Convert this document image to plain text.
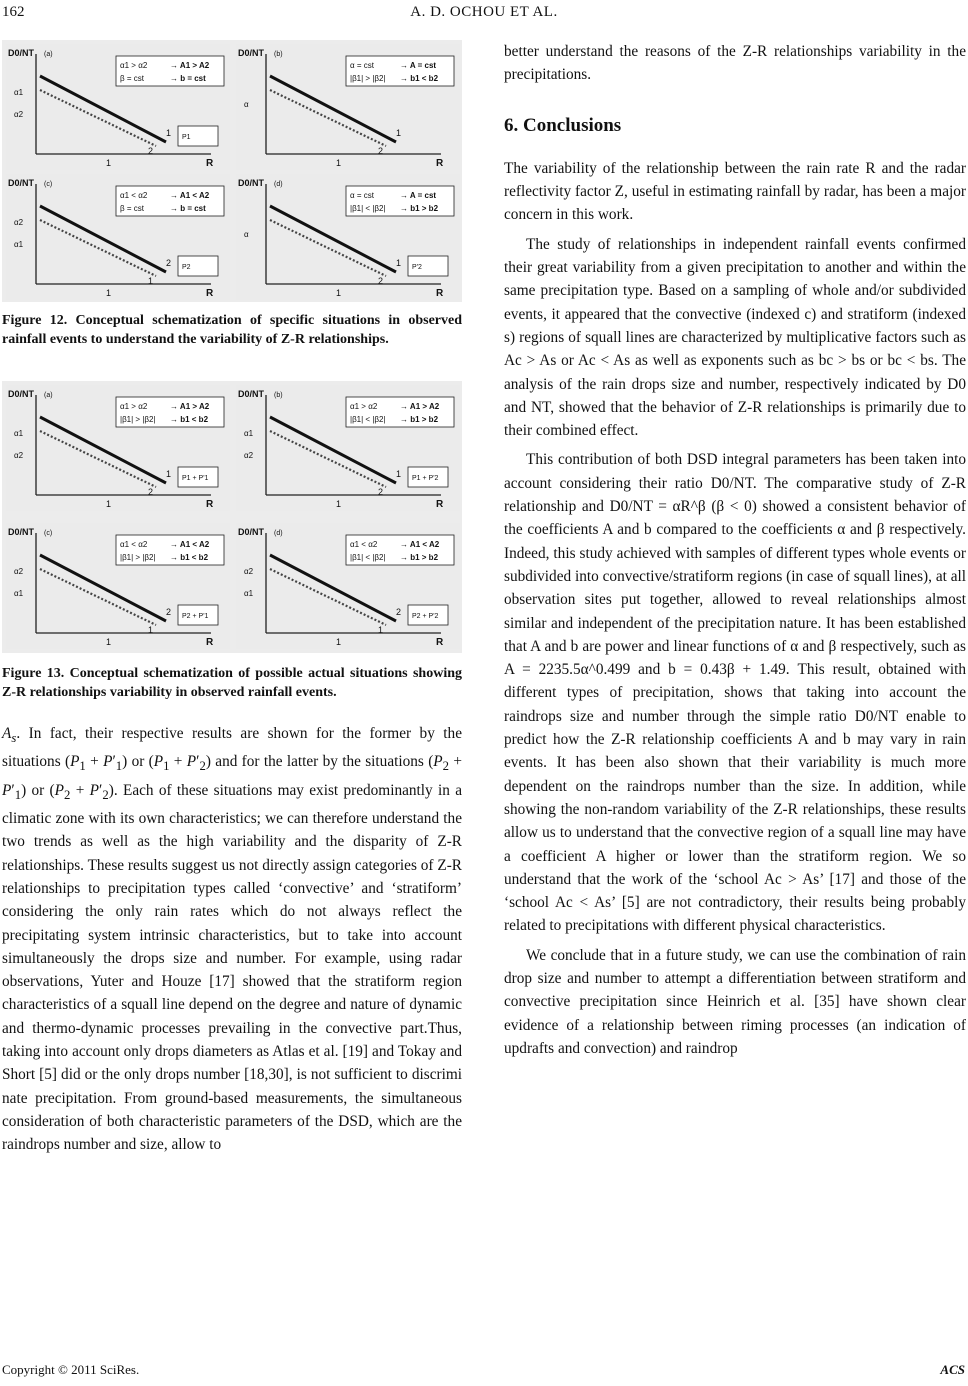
162	A. D. OCHOU ET AL.
D0/NT
R
(a)
1
α1
α2
1
2
α1 > α2	→ A1 > A2
β = cst	→ b = cst
P1
D0/NT
R
(b)
1
α
1
2
α = cst	→ A = cst
|β1| > |β2| → b1 < b2
D0/NT
R
(c)
1
α2
α1
2
1
α1 < α2	→ A1 < A2
β = cst	→ b = cst
P2
D0/NT
R
(d)
1
α
1
2
α = cst	→ A = cst
|β1| < |β2| → b1 > b2
P'2

Figure 12. Conceptual schematization of specific situations in observed rainfall events to understand the variability of Z-R relationships.

D0/NT
R
(a)
1
α1
α2
1
2
α1 > α2	→ A1 > A2
|β1| > |β2| → b1 < b2
P1 + P'1
D0/NT
R
(b)
1
α1
α2
1
2
α1 > α2	→ A1 > A2
|β1| < |β2| → b1 > b2
P1 + P'2
D0/NT
R
(c)
1
α2
α1
2
1
α1 < α2	→ A1 < A2
|β1| > |β2| → b1 < b2
P2 + P'1
D0/NT
R
(d)
1
α2
α1
2
1
α1 < α2	→ A1 < A2
|β1| < |β2| → b1 > b2
P2 + P'2

Figure 13. Conceptual schematization of possible actual situations showing Z-R relationships variability in observed rainfall events.

$A_s$. In fact, their respective results are shown for the former by the situations $(P_1 + P'_1)$ or $(P_1 + P'_2)$ and for the latter by the situations $(P_2 + P'_1)$ or $(P_2 + P'_2)$. Each of these situations may exist predominantly in a climatic zone with its own characteristics; we can therefore understand the two trends as well as the high variability and the disparity of Z-R relationships. These results suggest us not directly assign categories of Z-R relationships to precipitation types called ‘convective’ and ‘stratiform’ considering the only rain rates which do not always reflect the precipitating system intrinsic characteristics, but to take into account simultaneously the drops size and number. For example, using radar observations, Yuter and Houze [17] showed that the stratiform region characteristics of a squall line depend on the degree and nature of dynamic and thermo-dynamic processes prevailing in the convective part.Thus, taking into account only drops diameters as Atlas et al. [19] and Tokay and Short [5] did or the only drops number [18,30], is not sufficient to discrimi nate precipitation. From ground-based measurements, the simultaneous consideration of both characteristic parameters of the DSD, which are the raindrops number and size, allow to

better understand the reasons of the Z-R relationships variability in the precipitations.

6. Conclusions

The variability of the relationship between the rain rate R and the radar reflectivity factor Z, useful in estimating rainfall by radar, has been a major concern in this work.

The study of relationships in independent rainfall events confirmed their great variability from a given precipitation to another and within the same precipitation type. Based on a sampling of whole and/or subdivided events, it appeared that the convective (indexed c) and stratiform (indexed s) regions of squall lines are characterized by multiplicative factors such as Ac > As or Ac < As as well as exponents such as bc > bs or bc < bs. The analysis of the rain drops size and number, respectively indicated by D0 and NT, showed that the behavior of Z-R relationships is primarily due to their combined effect.

This contribution of both DSD integral parameters has been taken into account considering their ratio D0/NT. The comparative study of Z-R relationship and D0/NT = αR^β (β < 0) showed a consistent behavior of the coefficients A and b compared to the coefficients α and β respectively. Indeed, this study achieved with samples of different types whole events or subdivided into convective/stratiform regions (in case of squall lines), at all observation sites put together, allowed to reveal relationships almost similar and independent of the precipitation nature. It has been established that A and b are power and linear functions of α and β respectively, such as A = 2235.5α^0.499 and b = 0.43β + 1.49. This result, obtained with different types of precipitation, shows that taking into account the raindrops size and number through the simple ratio D0/NT enable to predict how the Z-R relationship coefficients A and b may vary in rain events. It has been also shown that their variability is much more dependent on the raindrops number than the size. In addition, while showing the non-random variability of the Z-R relationships, these results allow us to understand that the convective region of a squall line may have a coefficient A higher or lower than the stratiform region. We so understand that the work of the ‘school Ac > As’ [17] and those of the ‘school Ac < As’ [5] are not contradictory, their results being probably related to precipitations with different physical characteristics.

We conclude that in a future study, we can use the combination of rain drop size and number to attempt a differentiation between stratiform and convective precipitation since Heinrich et al. [35] have shown clear evidence of a relationship between riming processes (an indication of updrafts and convection) and raindrop

Copyright © 2011 SciRes.	ACS
